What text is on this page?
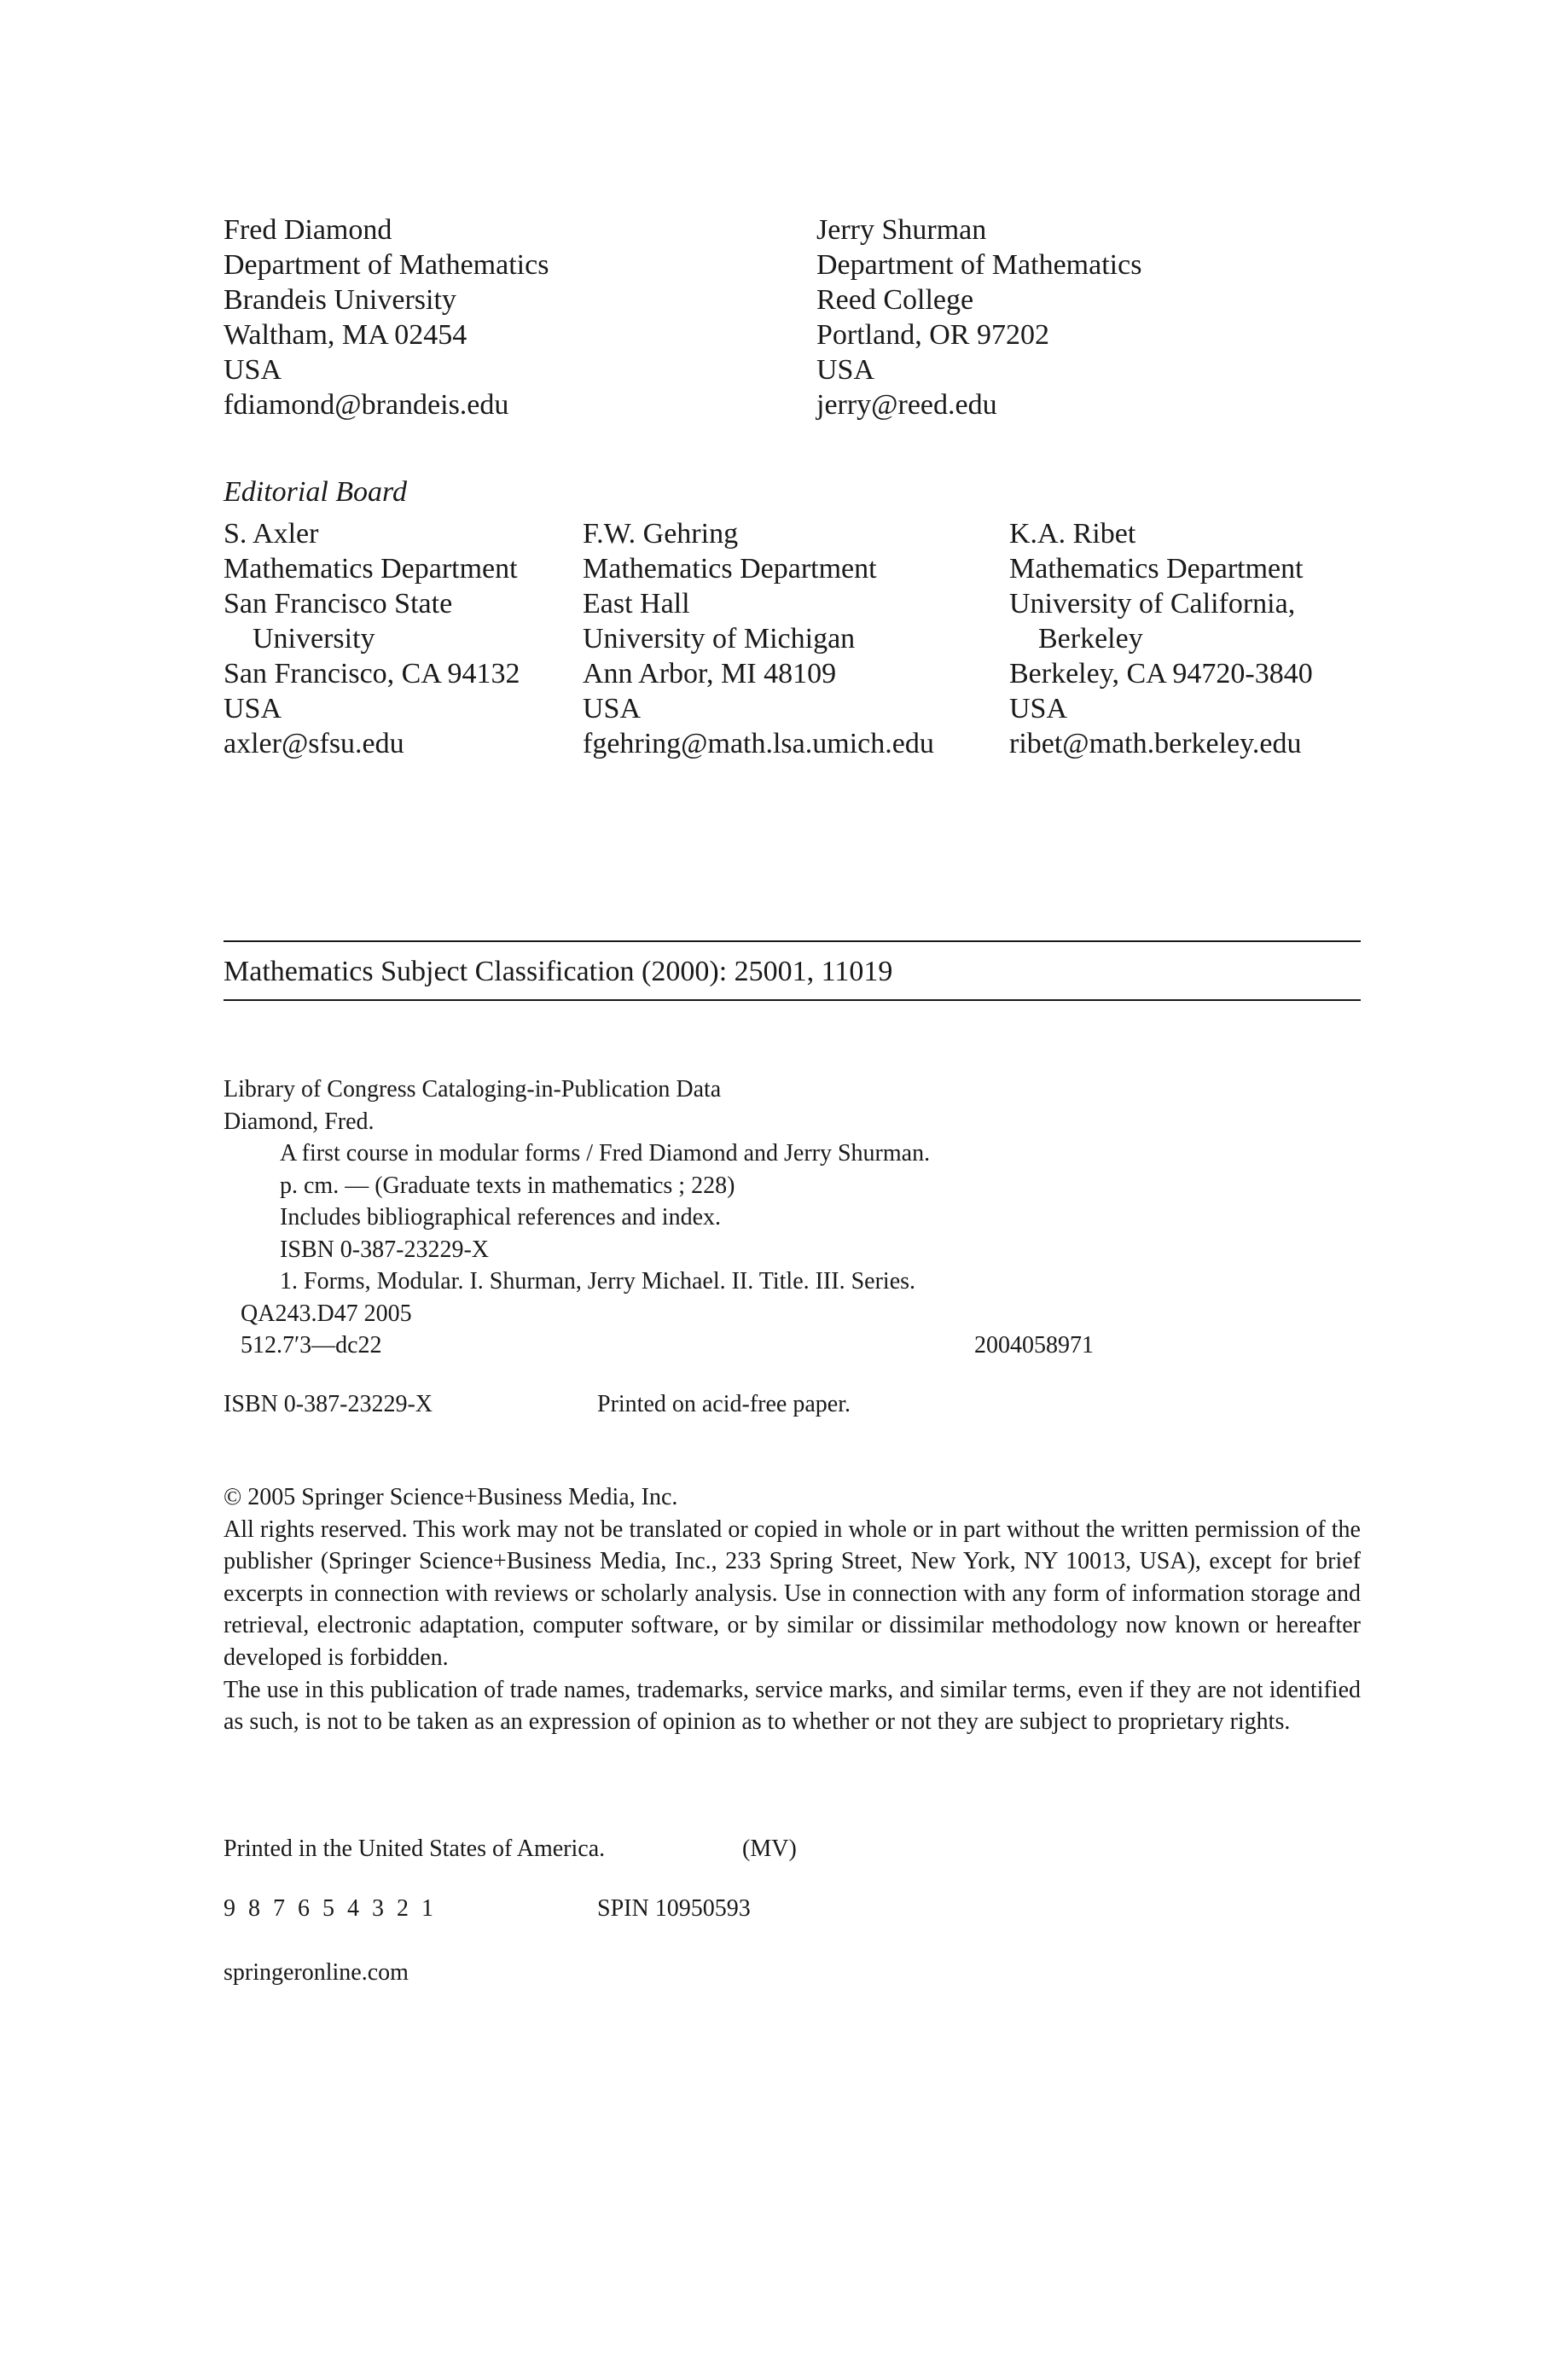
Fred Diamond
Department of Mathematics
Brandeis University
Waltham, MA 02454
USA
fdiamond@brandeis.edu
Jerry Shurman
Department of Mathematics
Reed College
Portland, OR 97202
USA
jerry@reed.edu
Editorial Board
S. Axler
Mathematics Department
San Francisco State
University
San Francisco, CA 94132
USA
axler@sfsu.edu
F.W. Gehring
Mathematics Department
East Hall
University of Michigan
Ann Arbor, MI 48109
USA
fgehring@math.lsa.umich.edu
K.A. Ribet
Mathematics Department
University of California,
Berkeley
Berkeley, CA 94720-3840
USA
ribet@math.berkeley.edu
Mathematics Subject Classification (2000): 25001, 11019
Library of Congress Cataloging-in-Publication Data
Diamond, Fred.
A first course in modular forms / Fred Diamond and Jerry Shurman.
p. cm. — (Graduate texts in mathematics ; 228)
Includes bibliographical references and index.
ISBN 0-387-23229-X
1. Forms, Modular. I. Shurman, Jerry Michael. II. Title. III. Series.
QA243.D47 2005
512.7′3—dc22	2004058971
ISBN 0-387-23229-X	Printed on acid-free paper.

© 2005 Springer Science+Business Media, Inc.

All rights reserved. This work may not be translated or copied in whole or in part without the written permission of the publisher (Springer Science+Business Media, Inc., 233 Spring Street, New York, NY 10013, USA), except for brief excerpts in connection with reviews or scholarly analysis. Use in connection with any form of information storage and retrieval, electronic adaptation, computer software, or by similar or dissimilar methodology now known or hereafter developed is forbidden.

The use in this publication of trade names, trademarks, service marks, and similar terms, even if they are not identified as such, is not to be taken as an expression of opinion as to whether or not they are subject to proprietary rights.

Printed in the United States of America.	(MV)
9 8 7 6 5 4 3 2 1	SPIN 10950593
springeronline.com
